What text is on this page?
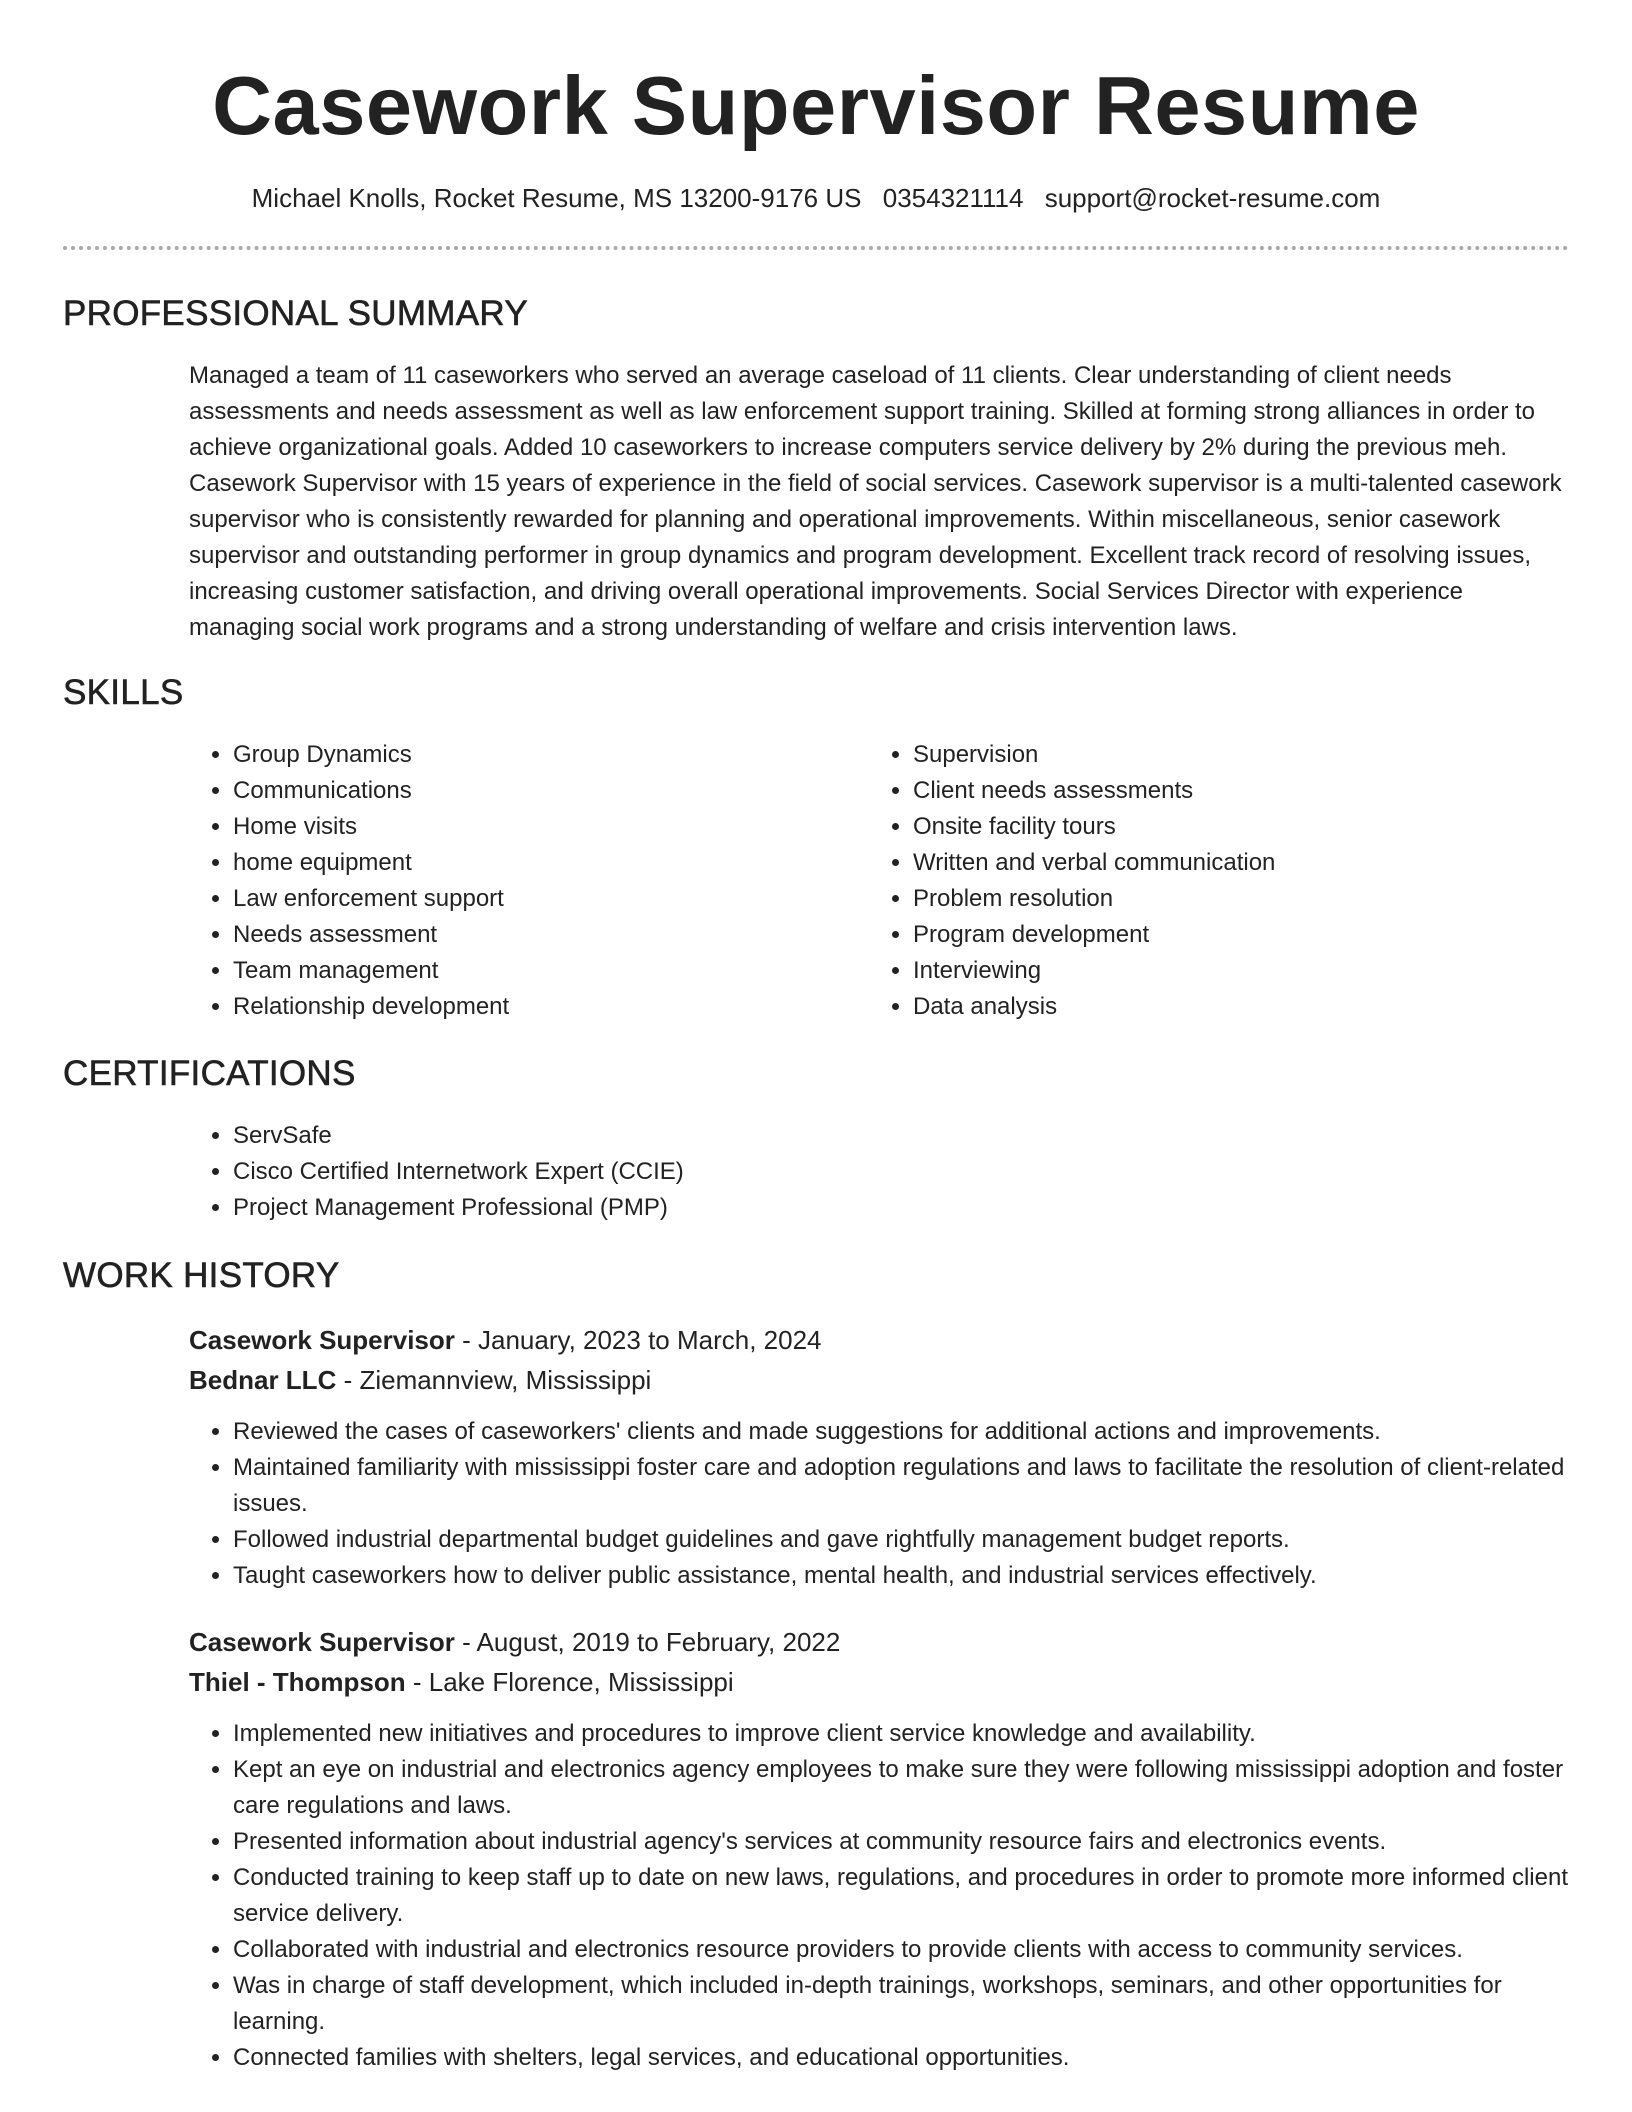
Casework Supervisor Resume
Michael Knolls, Rocket Resume, MS 13200-9176 US 0354321114 support@rocket-resume.com
PROFESSIONAL SUMMARY

Managed a team of 11 caseworkers who served an average caseload of 11 clients. Clear understanding of client needs assessments and needs assessment as well as law enforcement support training. Skilled at forming strong alliances in order to achieve organizational goals. Added 10 caseworkers to increase computers service delivery by 2% during the previous meh. Casework Supervisor with 15 years of experience in the field of social services. Casework supervisor is a multi-talented casework supervisor who is consistently rewarded for planning and operational improvements. Within miscellaneous, senior casework supervisor and outstanding performer in group dynamics and program development. Excellent track record of resolving issues, increasing customer satisfaction, and driving overall operational improvements. Social Services Director with experience managing social work programs and a strong understanding of welfare and crisis intervention laws.

SKILLS
• Group Dynamics
• Communications
• Home visits
• home equipment
• Law enforcement support
• Needs assessment
• Team management
• Relationship development
• Supervision
• Client needs assessments
• Onsite facility tours
• Written and verbal communication
• Problem resolution
• Program development
• Interviewing
• Data analysis
CERTIFICATIONS
• ServSafe
• Cisco Certified Internetwork Expert (CCIE)
• Project Management Professional (PMP)
WORK HISTORY
Casework Supervisor - January, 2023 to March, 2024
Bednar LLC - Ziemannview, Mississippi
• Reviewed the cases of caseworkers' clients and made suggestions for additional actions and improvements.
• Maintained familiarity with mississippi foster care and adoption regulations and laws to facilitate the resolution of client-related issues.
• Followed industrial departmental budget guidelines and gave rightfully management budget reports.
• Taught caseworkers how to deliver public assistance, mental health, and industrial services effectively.
Casework Supervisor - August, 2019 to February, 2022
Thiel - Thompson - Lake Florence, Mississippi
• Implemented new initiatives and procedures to improve client service knowledge and availability.
• Kept an eye on industrial and electronics agency employees to make sure they were following mississippi adoption and foster care regulations and laws.
• Presented information about industrial agency's services at community resource fairs and electronics events.
• Conducted training to keep staff up to date on new laws, regulations, and procedures in order to promote more informed client service delivery.
• Collaborated with industrial and electronics resource providers to provide clients with access to community services.
• Was in charge of staff development, which included in-depth trainings, workshops, seminars, and other opportunities for learning.
• Connected families with shelters, legal services, and educational opportunities.
